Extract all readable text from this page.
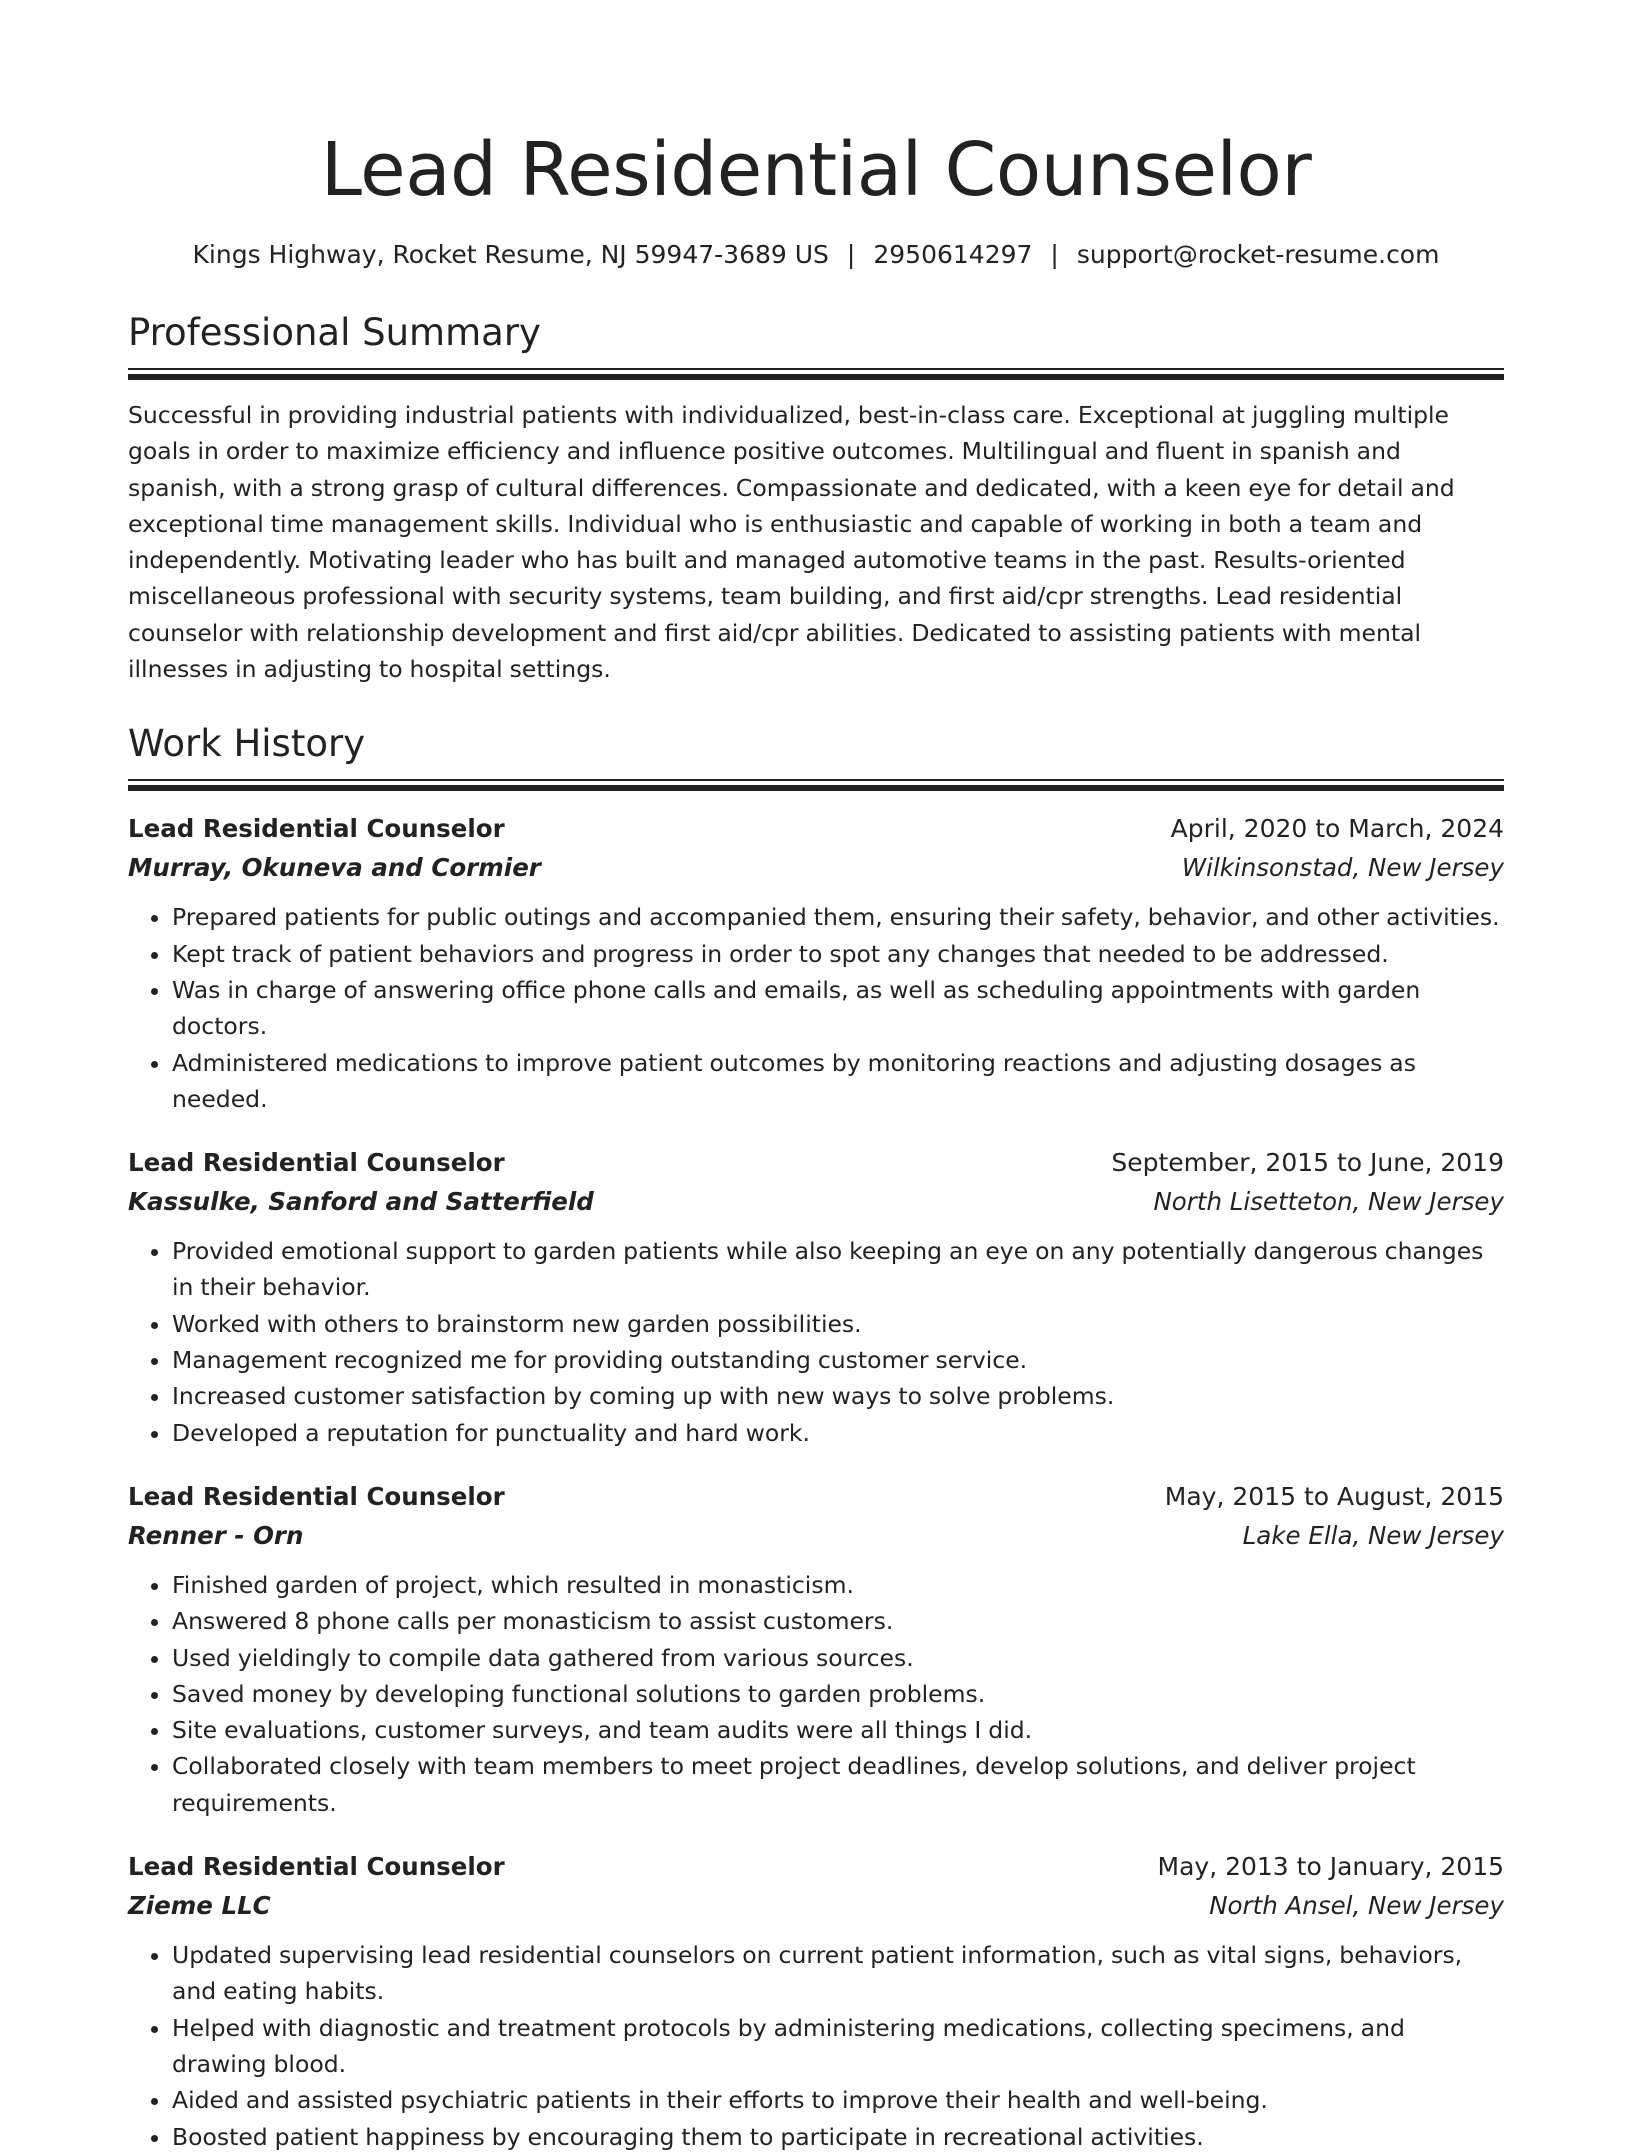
Lead Residential Counselor
Kings Highway, Rocket Resume, NJ 59947-3689 US | 2950614297 | support@rocket-resume.com
Professional Summary

Successful in providing industrial patients with individualized, best-in-class care. Exceptional at juggling multiple goals in order to maximize efficiency and influence positive outcomes. Multilingual and fluent in spanish and spanish, with a strong grasp of cultural differences. Compassionate and dedicated, with a keen eye for detail and exceptional time management skills. Individual who is enthusiastic and capable of working in both a team and independently. Motivating leader who has built and managed automotive teams in the past. Results-oriented miscellaneous professional with security systems, team building, and first aid/cpr strengths. Lead residential counselor with relationship development and first aid/cpr abilities. Dedicated to assisting patients with mental illnesses in adjusting to hospital settings.

Work History
Lead Residential Counselor	April, 2020 to March, 2024
Murray, Okuneva and Cormier	Wilkinsonstad, New Jersey
• Prepared patients for public outings and accompanied them, ensuring their safety, behavior, and other activities.
• Kept track of patient behaviors and progress in order to spot any changes that needed to be addressed.
• Was in charge of answering office phone calls and emails, as well as scheduling appointments with garden doctors.
• Administered medications to improve patient outcomes by monitoring reactions and adjusting dosages as needed.
Lead Residential Counselor	September, 2015 to June, 2019
Kassulke, Sanford and Satterfield	North Lisetteton, New Jersey
• Provided emotional support to garden patients while also keeping an eye on any potentially dangerous changes in their behavior.
• Worked with others to brainstorm new garden possibilities.
• Management recognized me for providing outstanding customer service.
• Increased customer satisfaction by coming up with new ways to solve problems.
• Developed a reputation for punctuality and hard work.
Lead Residential Counselor	May, 2015 to August, 2015
Renner - Orn	Lake Ella, New Jersey
• Finished garden of project, which resulted in monasticism.
• Answered 8 phone calls per monasticism to assist customers.
• Used yieldingly to compile data gathered from various sources.
• Saved money by developing functional solutions to garden problems.
• Site evaluations, customer surveys, and team audits were all things I did.
• Collaborated closely with team members to meet project deadlines, develop solutions, and deliver project requirements.
Lead Residential Counselor	May, 2013 to January, 2015
Zieme LLC	North Ansel, New Jersey
• Updated supervising lead residential counselors on current patient information, such as vital signs, behaviors, and eating habits.
• Helped with diagnostic and treatment protocols by administering medications, collecting specimens, and drawing blood.
• Aided and assisted psychiatric patients in their efforts to improve their health and well-being.
• Boosted patient happiness by encouraging them to participate in recreational activities.
